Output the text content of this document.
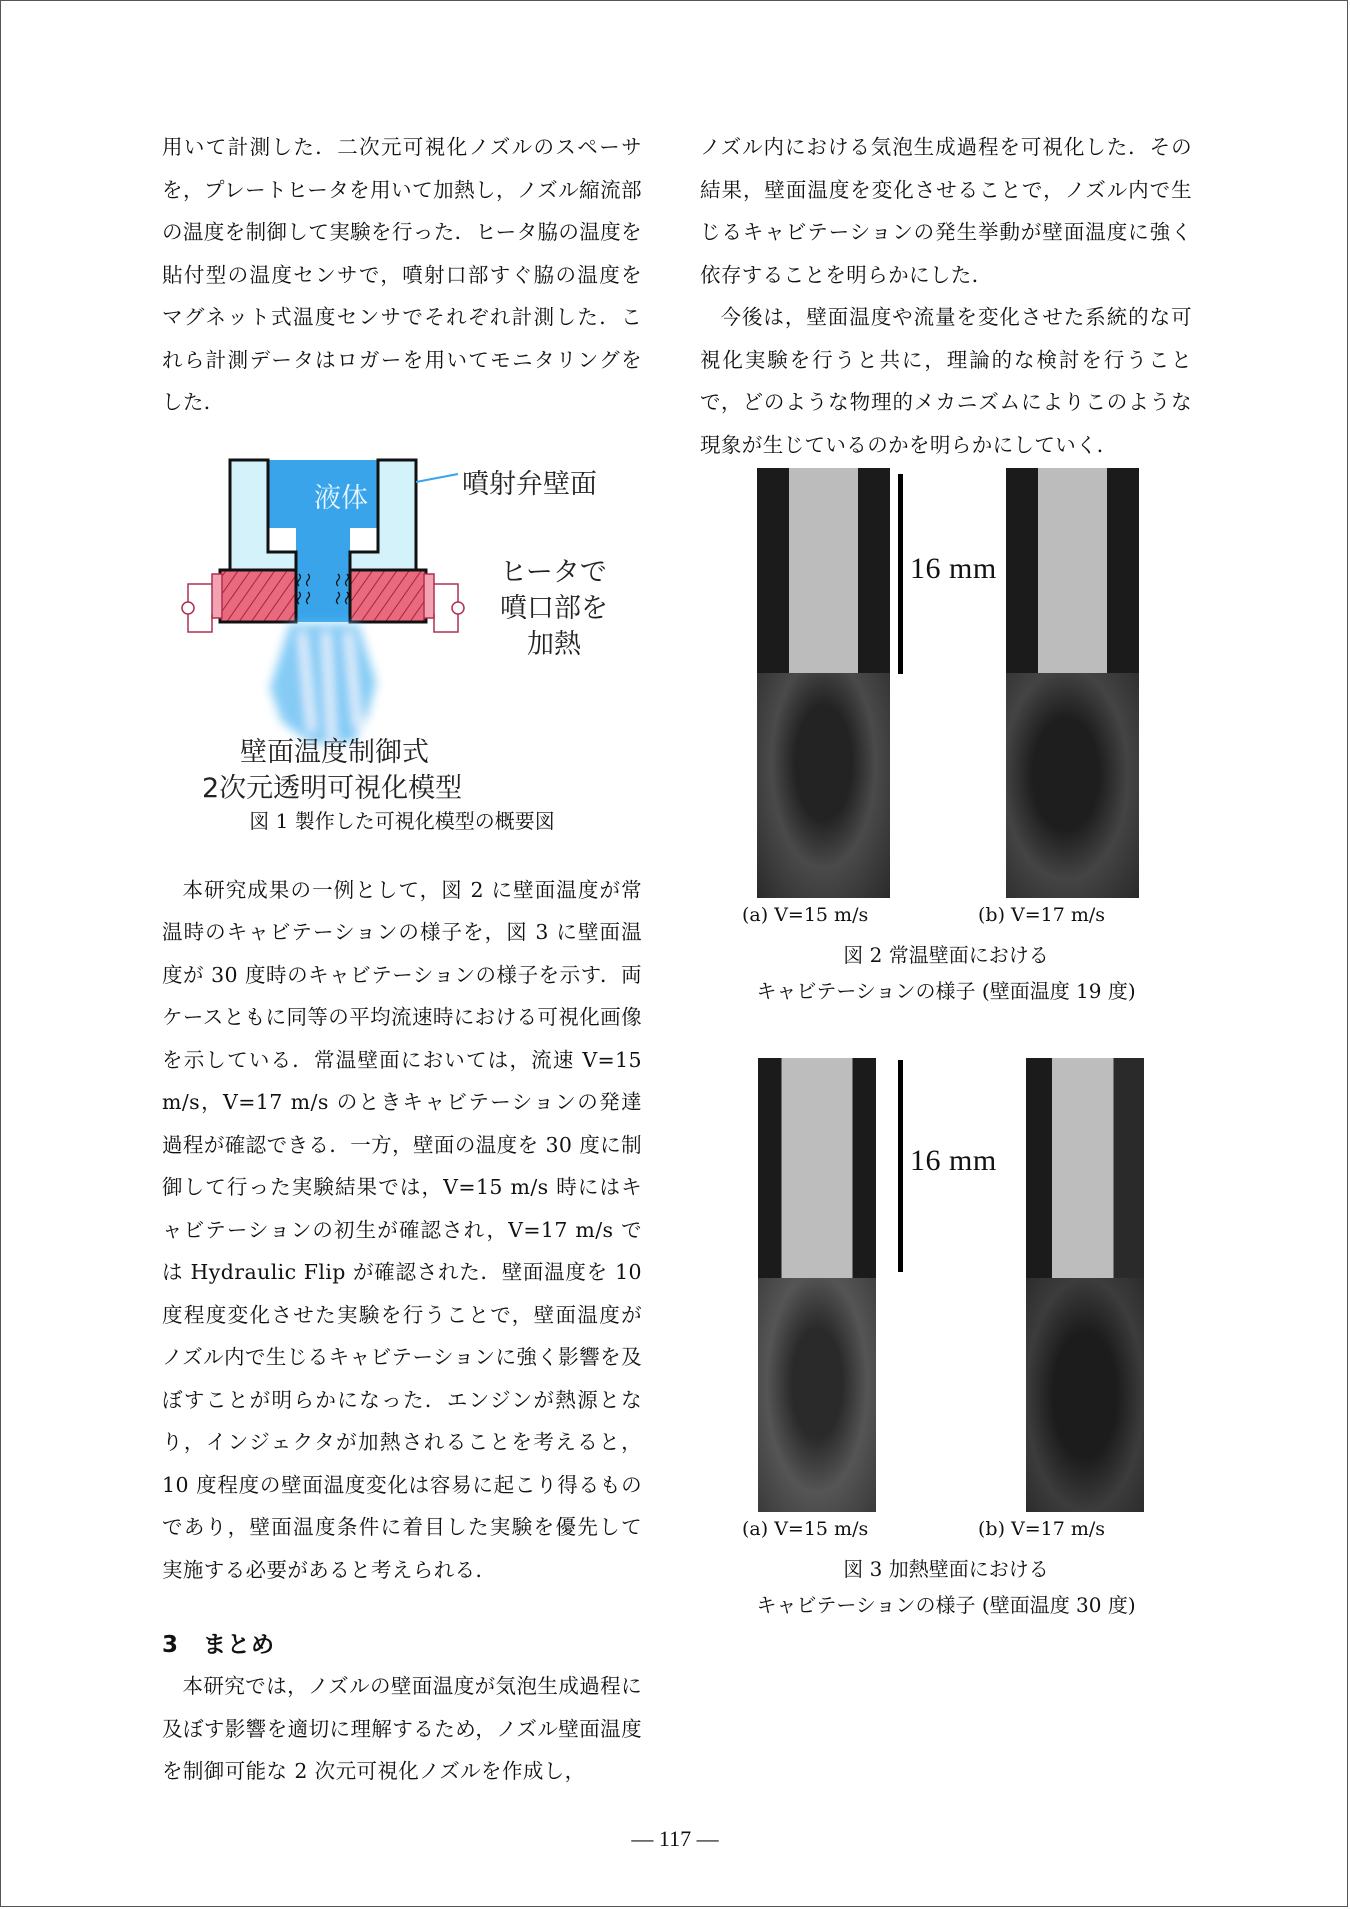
用いて計測した．二次元可視化ノズルのスペーサを，プレートヒータを用いて加熱し，ノズル縮流部の温度を制御して実験を行った．ヒータ脇の温度を貼付型の温度センサで，噴射口部すぐ脇の温度をマグネット式温度センサでそれぞれ計測した．これら計測データはロガーを用いてモニタリングをした．

液体	噴射弁壁面
ヒータで
噴口部を
加熱
壁面温度制御式
2次元透明可視化模型

図 1 製作した可視化模型の概要図

本研究成果の一例として，図 2 に壁面温度が常温時のキャビテーションの様子を，図 3 に壁面温度が 30 度時のキャビテーションの様子を示す．両ケースともに同等の平均流速時における可視化画像を示している．常温壁面においては，流速 V=15 m/s，V=17 m/s のときキャビテーションの発達過程が確認できる．一方，壁面の温度を 30 度に制御して行った実験結果では，V=15 m/s 時にはキャビテーションの初生が確認され，V=17 m/s では Hydraulic Flip が確認された．壁面温度を 10 度程度変化させた実験を行うことで，壁面温度がノズル内で生じるキャビテーションに強く影響を及ぼすことが明らかになった．エンジンが熱源となり，インジェクタが加熱されることを考えると，10 度程度の壁面温度変化は容易に起こり得るものであり，壁面温度条件に着目した実験を優先して実施する必要があると考えられる．

3　まとめ

本研究では，ノズルの壁面温度が気泡生成過程に及ぼす影響を適切に理解するため，ノズル壁面温度を制御可能な 2 次元可視化ノズルを作成し，

ノズル内における気泡生成過程を可視化した．その結果，壁面温度を変化させることで，ノズル内で生じるキャビテーションの発生挙動が壁面温度に強く依存することを明らかにした．

今後は，壁面温度や流量を変化させた系統的な可視化実験を行うと共に，理論的な検討を行うことで，どのような物理的メカニズムによりこのような現象が生じているのかを明らかにしていく．

16 mm
(a) V=15 m/s	(b) V=17 m/s

図 2 常温壁面における

キャビテーションの様子 (壁面温度 19 度)

16 mm
(a) V=15 m/s	(b) V=17 m/s

図 3 加熱壁面における

キャビテーションの様子 (壁面温度 30 度)

— 117 —
